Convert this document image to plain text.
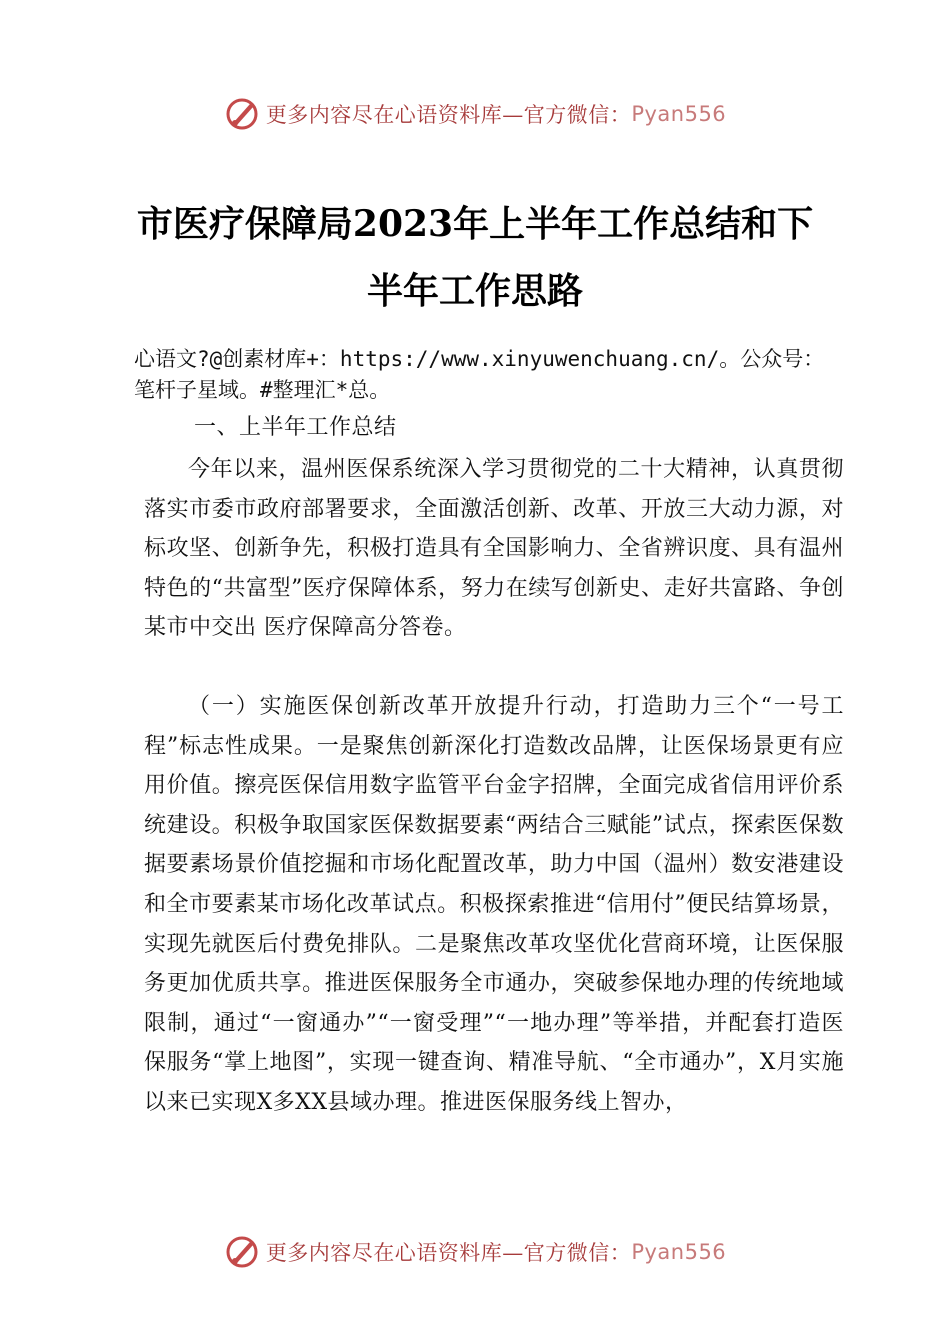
更多内容尽在心语资料库—官方微信： Pyan556
市医疗保障局2023年上半年工作总结和下
半年工作思路
心语文?@创素材库+：https://www.xinyuwenchuang.cn/。公众号：笔杆子星域。#整理汇*总。
一、上半年工作总结
今年以来，温州医保系统深入学习贯彻党的二十大精神，认真贯彻落实市委市政府部署要求，全面激活创新、改革、开放三大动力源，对标攻坚、创新争先，积极打造具有全国影响力、全省辨识度、具有温州特色的“共富型”医疗保障体系，努力在续写创新史、走好共富路、争创某市中交出 医疗保障高分答卷。
（一）实施医保创新改革开放提升行动，打造助力三个“一号工程”标志性成果。一是聚焦创新深化打造数改品牌，让医保场景更有应用价值。擦亮医保信用数字监管平台金字招牌，全面完成省信用评价系统建设。积极争取国家医保数据要素“两结合三赋能”试点，探索医保数据要素场景价值挖掘和市场化配置改革，助力中国（温州）数安港建设和全市要素某市场化改革试点。积极探索推进“信用付”便民结算场景，实现先就医后付费免排队。二是聚焦改革攻坚优化营商环境，让医保服务更加优质共享。推进医保服务全市通办，突破参保地办理的传统地域限制，通过“一窗通办”“一窗受理”“一地办理”等举措，并配套打造医保服务“掌上地图”，实现一键查询、精准导航、“全市通办”，X月实施以来已实现X多XX县域办理。推进医保服务线上智办，
更多内容尽在心语资料库—官方微信： Pyan556
